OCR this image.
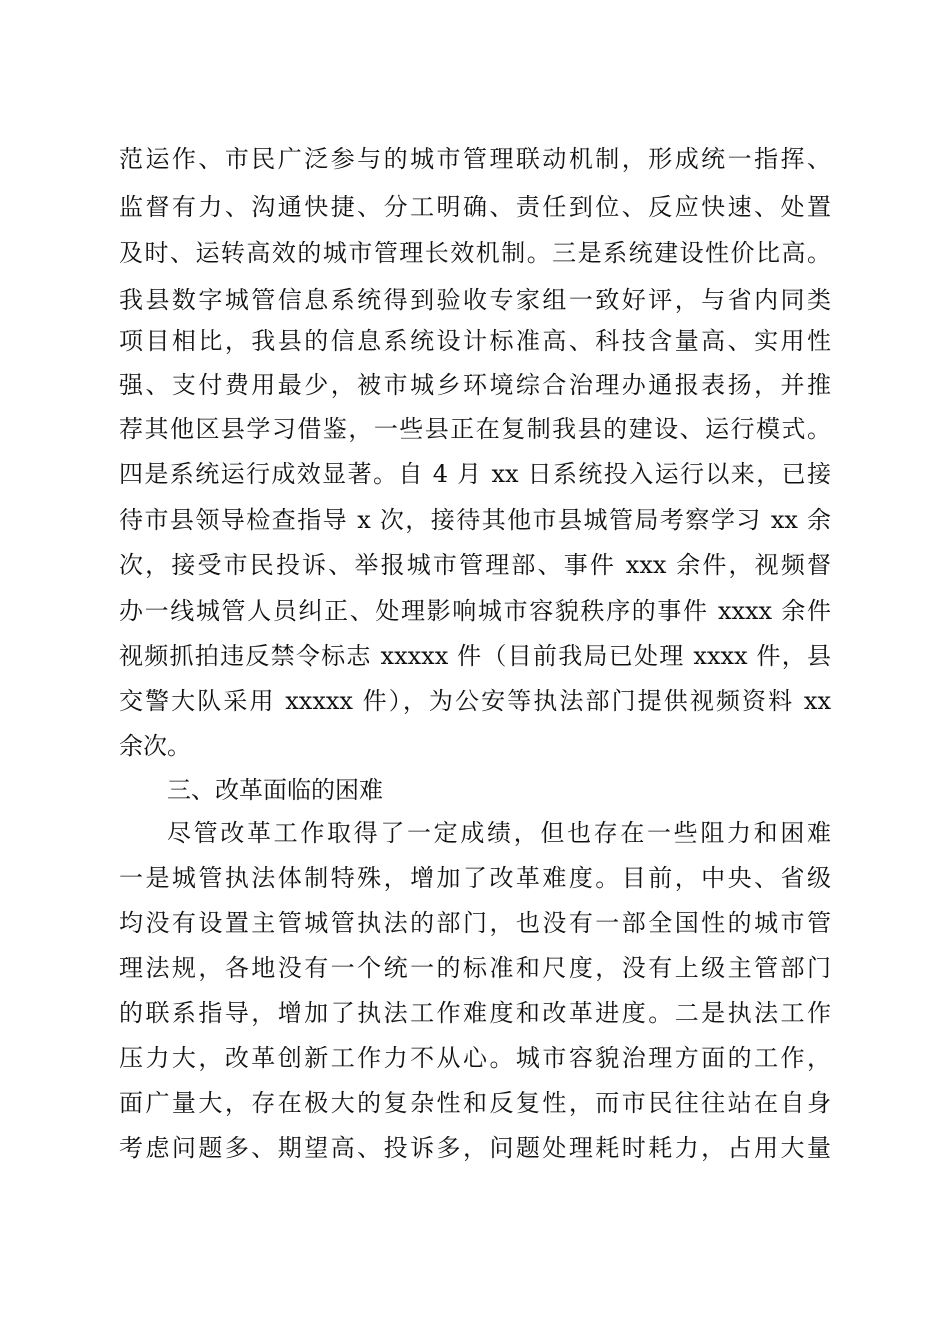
范运作、市民广泛参与的城市管理联动机制，形成统一指挥、
监督有力、沟通快捷、分工明确、责任到位、反应快速、处置
及时、运转高效的城市管理长效机制。三是系统建设性价比高。
我县数字城管信息系统得到验收专家组一致好评，与省内同类
项目相比，我县的信息系统设计标准高、科技含量高、实用性
强、支付费用最少，被市城乡环境综合治理办通报表扬，并推
荐其他区县学习借鉴，一些县正在复制我县的建设、运行模式。
四是系统运行成效显著。自 4 月 xx 日系统投入运行以来，已接
待市县领导检查指导 x 次，接待其他市县城管局考察学习 xx 余
次，接受市民投诉、举报城市管理部、事件 xxx 余件，视频督
办一线城管人员纠正、处理影响城市容貌秩序的事件 xxxx 余件
视频抓拍违反禁令标志 xxxxx 件（目前我局已处理 xxxx 件，县
交警大队采用 xxxxx 件），为公安等执法部门提供视频资料 xx
余次。
三、改革面临的困难
尽管改革工作取得了一定成绩，但也存在一些阻力和困难
一是城管执法体制特殊，增加了改革难度。目前，中央、省级
均没有设置主管城管执法的部门，也没有一部全国性的城市管
理法规，各地没有一个统一的标准和尺度，没有上级主管部门
的联系指导，增加了执法工作难度和改革进度。二是执法工作
压力大，改革创新工作力不从心。城市容貌治理方面的工作，
面广量大，存在极大的复杂性和反复性，而市民往往站在自身
考虑问题多、期望高、投诉多，问题处理耗时耗力，占用大量
